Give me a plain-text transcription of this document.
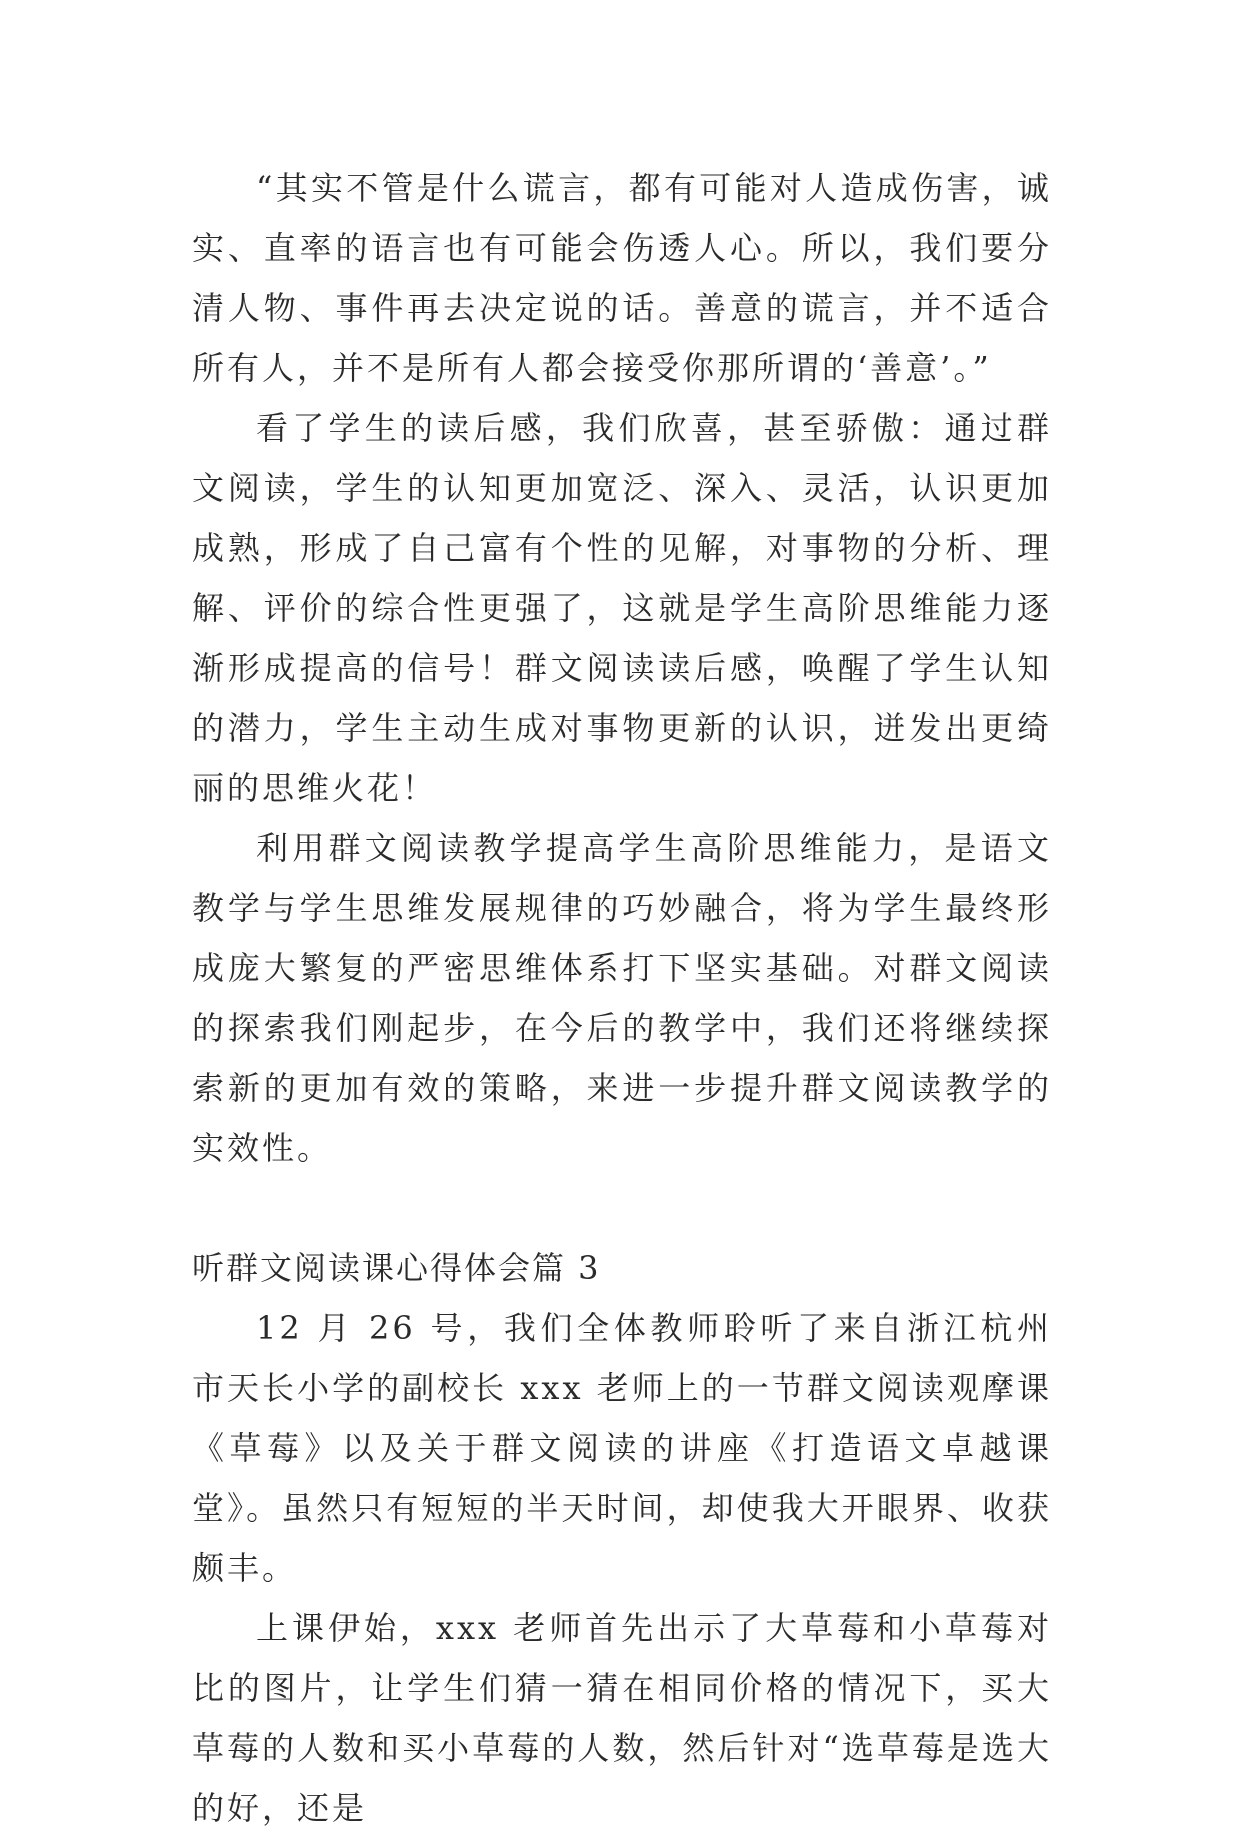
“其实不管是什么谎言，都有可能对人造成伤害，诚实、直率的语言也有可能会伤透人心。所以，我们要分清人物、事件再去决定说的话。善意的谎言，并不适合所有人，并不是所有人都会接受你那所谓的‘善意’。”

看了学生的读后感，我们欣喜，甚至骄傲：通过群文阅读，学生的认知更加宽泛、深入、灵活，认识更加成熟，形成了自己富有个性的见解，对事物的分析、理解、评价的综合性更强了，这就是学生高阶思维能力逐渐形成提高的信号！群文阅读读后感，唤醒了学生认知的潜力，学生主动生成对事物更新的认识，迸发出更绮丽的思维火花！

利用群文阅读教学提高学生高阶思维能力，是语文教学与学生思维发展规律的巧妙融合，将为学生最终形成庞大繁复的严密思维体系打下坚实基础。对群文阅读的探索我们刚起步，在今后的教学中，我们还将继续探索新的更加有效的策略，来进一步提升群文阅读教学的实效性。

听群文阅读课心得体会篇 3

12 月 26 号，我们全体教师聆听了来自浙江杭州市天长小学的副校长 xxx 老师上的一节群文阅读观摩课《草莓》以及关于群文阅读的讲座《打造语文卓越课堂》。虽然只有短短的半天时间，却使我大开眼界、收获颇丰。

上课伊始，xxx 老师首先出示了大草莓和小草莓对比的图片，让学生们猜一猜在相同价格的情况下，买大草莓的人数和买小草莓的人数，然后针对“选草莓是选大的好，还是
